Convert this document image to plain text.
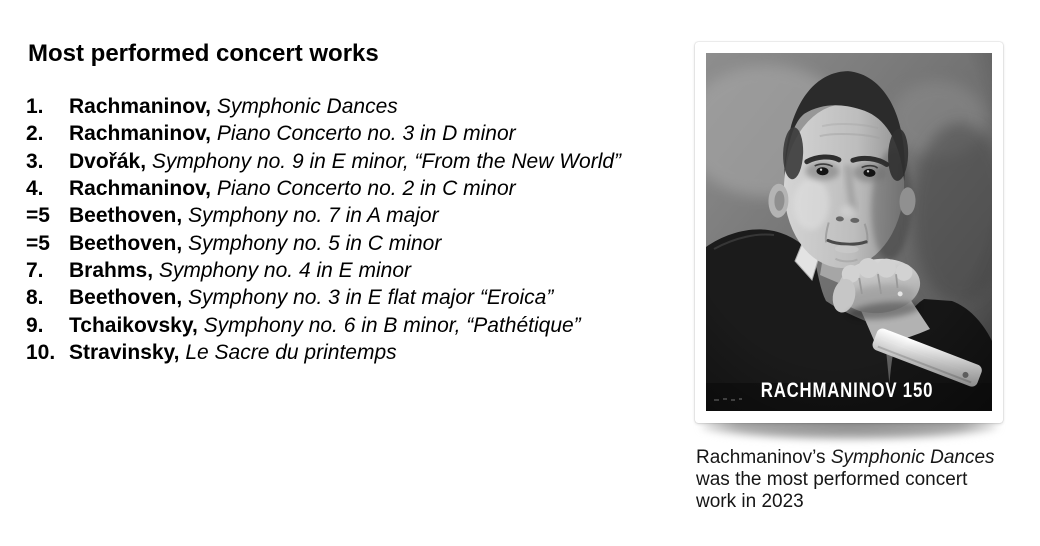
Most performed concert works
1. Rachmaninov, Symphonic Dances
2. Rachmaninov, Piano Concerto no. 3 in D minor
3. Dvořák, Symphony no. 9 in E minor, “From the New World”
4. Rachmaninov, Piano Concerto no. 2 in C minor
=5 Beethoven, Symphony no. 7 in A major
=5 Beethoven, Symphony no. 5 in C minor
7. Brahms, Symphony no. 4 in E minor
8. Beethoven, Symphony no. 3 in E flat major “Eroica”
9. Tchaikovsky, Symphony no. 6 in B minor, “Pathétique”
10. Stravinsky, Le Sacre du printemps
RACHMANINOV 150
Rachmaninov’s Symphonic Dances was the most performed concert work in 2023
